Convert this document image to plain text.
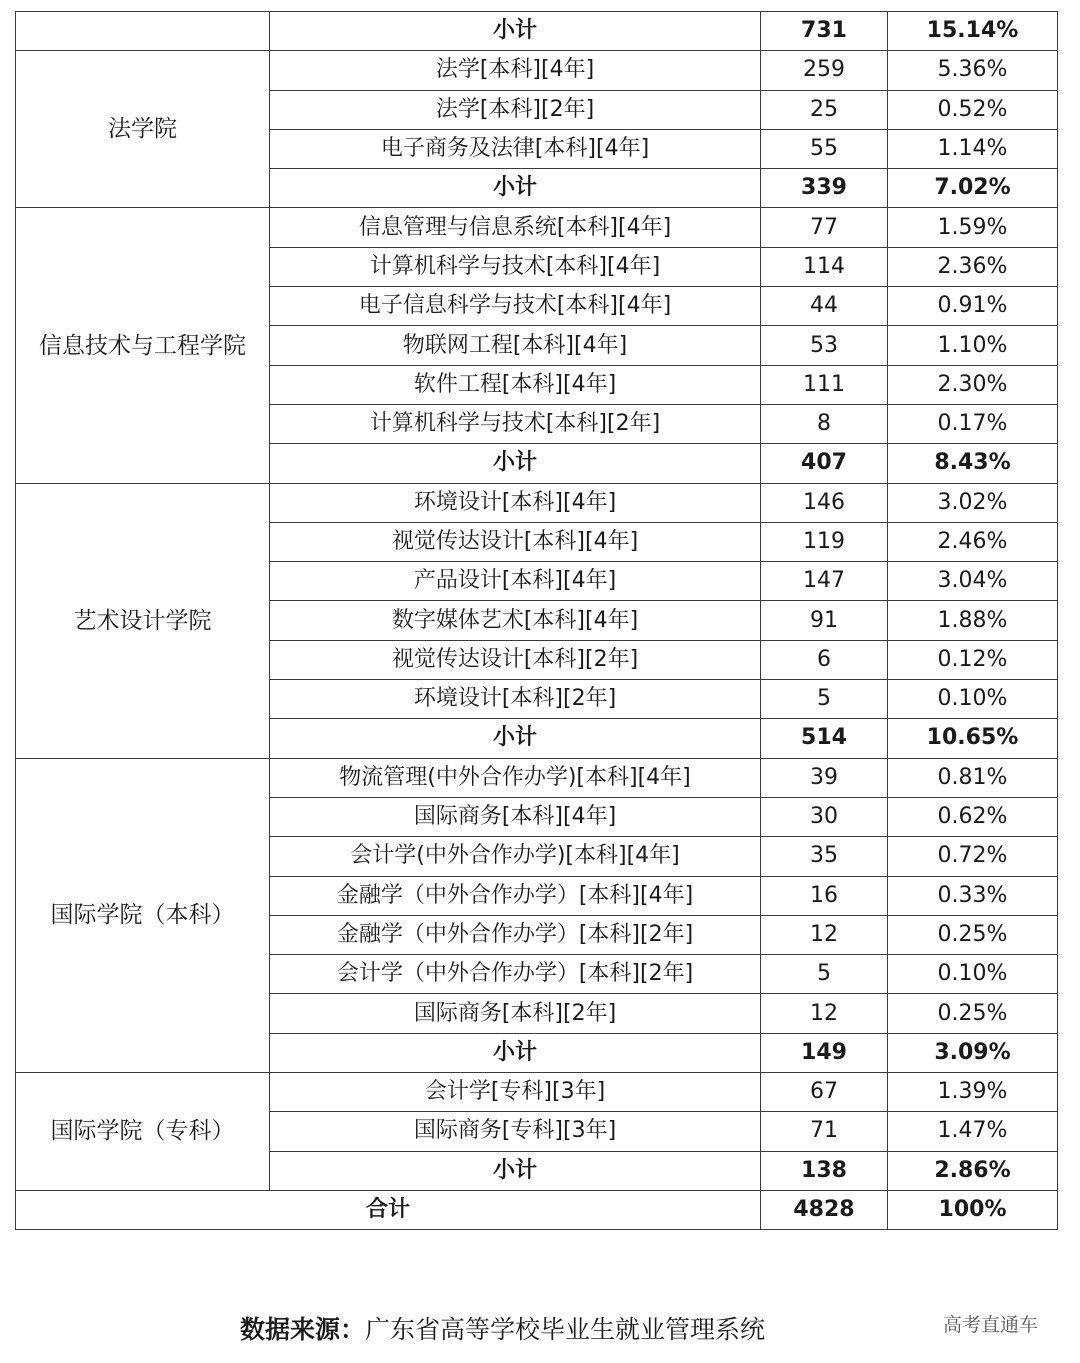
	小计	731	15.14%
法学院	法学[本科][4年]	259	5.36%
	法学[本科][2年]	25	0.52%
	电子商务及法律[本科][4年]	55	1.14%
	小计	339	7.02%
信息技术与工程学院	信息管理与信息系统[本科][4年]	77	1.59%
	计算机科学与技术[本科][4年]	114	2.36%
	电子信息科学与技术[本科][4年]	44	0.91%
	物联网工程[本科][4年]	53	1.10%
	软件工程[本科][4年]	111	2.30%
	计算机科学与技术[本科][2年]	8	0.17%
	小计	407	8.43%
艺术设计学院	环境设计[本科][4年]	146	3.02%
	视觉传达设计[本科][4年]	119	2.46%
	产品设计[本科][4年]	147	3.04%
	数字媒体艺术[本科][4年]	91	1.88%
	视觉传达设计[本科][2年]	6	0.12%
	环境设计[本科][2年]	5	0.10%
	小计	514	10.65%
国际学院（本科）	物流管理(中外合作办学)[本科][4年]	39	0.81%
	国际商务[本科][4年]	30	0.62%
	会计学(中外合作办学)[本科][4年]	35	0.72%
	金融学（中外合作办学）[本科][4年]	16	0.33%
	金融学（中外合作办学）[本科][2年]	12	0.25%
	会计学（中外合作办学）[本科][2年]	5	0.10%
	国际商务[本科][2年]	12	0.25%
	小计	149	3.09%
国际学院（专科）	会计学[专科][3年]	67	1.39%
	国际商务[专科][3年]	71	1.47%
	小计	138	2.86%
合计		4828	100%
数据来源：广东省高等学校毕业生就业管理系统	高考直通车
